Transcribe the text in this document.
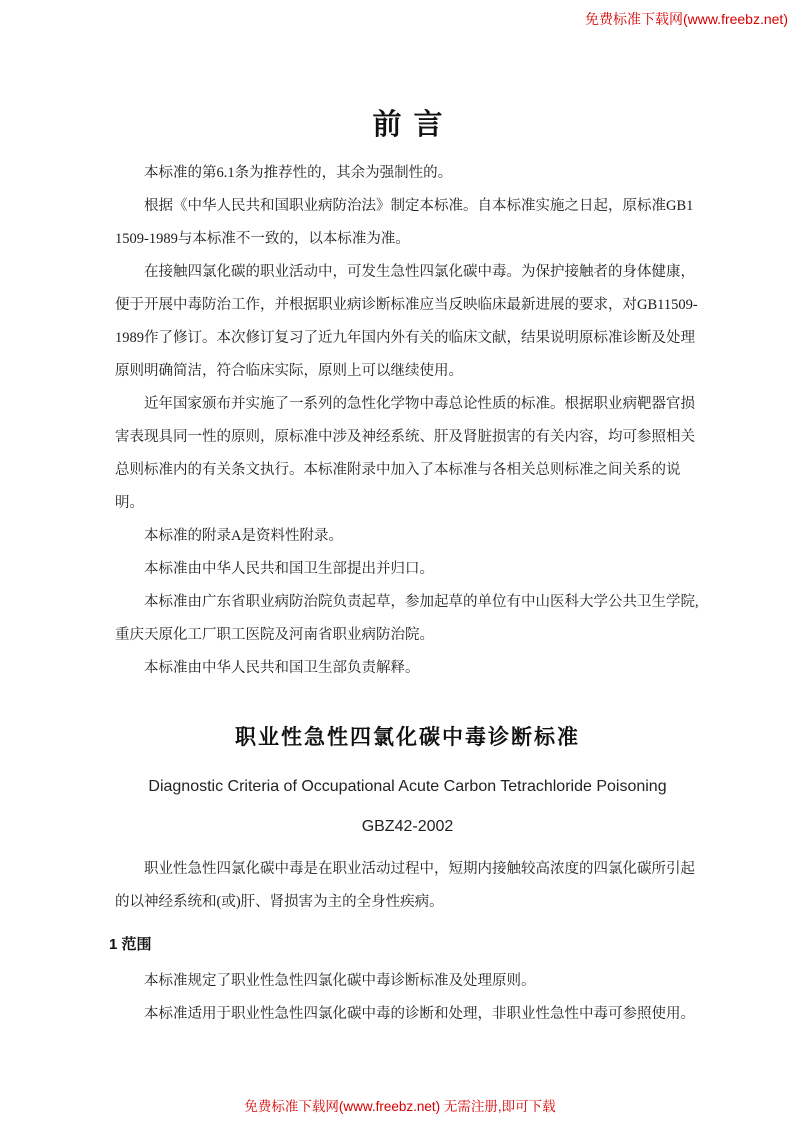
免费标准下载网(www.freebz.net)
前言

本标准的第6.1条为推荐性的，其余为强制性的。

根据《中华人民共和国职业病防治法》制定本标准。自本标准实施之日起，原标准GB11509-1989与本标准不一致的，以本标准为准。

在接触四氯化碳的职业活动中，可发生急性四氯化碳中毒。为保护接触者的身体健康，便于开展中毒防治工作，并根据职业病诊断标准应当反映临床最新进展的要求，对GB11509-1989作了修订。本次修订复习了近九年国内外有关的临床文献，结果说明原标准诊断及处理原则明确简洁，符合临床实际，原则上可以继续使用。

近年国家颁布并实施了一系列的急性化学物中毒总论性质的标准。根据职业病靶器官损害表现具同一性的原则，原标准中涉及神经系统、肝及肾脏损害的有关内容，均可参照相关总则标准内的有关条文执行。本标准附录中加入了本标准与各相关总则标准之间关系的说明。

本标准的附录A是资料性附录。

本标准由中华人民共和国卫生部提出并归口。

本标准由广东省职业病防治院负责起草，参加起草的单位有中山医科大学公共卫生学院,重庆天原化工厂职工医院及河南省职业病防治院。

本标准由中华人民共和国卫生部负责解释。

职业性急性四氯化碳中毒诊断标准
Diagnostic Criteria of Occupational Acute Carbon Tetrachloride Poisoning
GBZ42-2002

职业性急性四氯化碳中毒是在职业活动过程中，短期内接触较高浓度的四氯化碳所引起的以神经系统和(或)肝、肾损害为主的全身性疾病。

1 范围

本标准规定了职业性急性四氯化碳中毒诊断标准及处理原则。

本标准适用于职业性急性四氯化碳中毒的诊断和处理，非职业性急性中毒可参照使用。

免费标准下载网(www.freebz.net) 无需注册,即可下载
